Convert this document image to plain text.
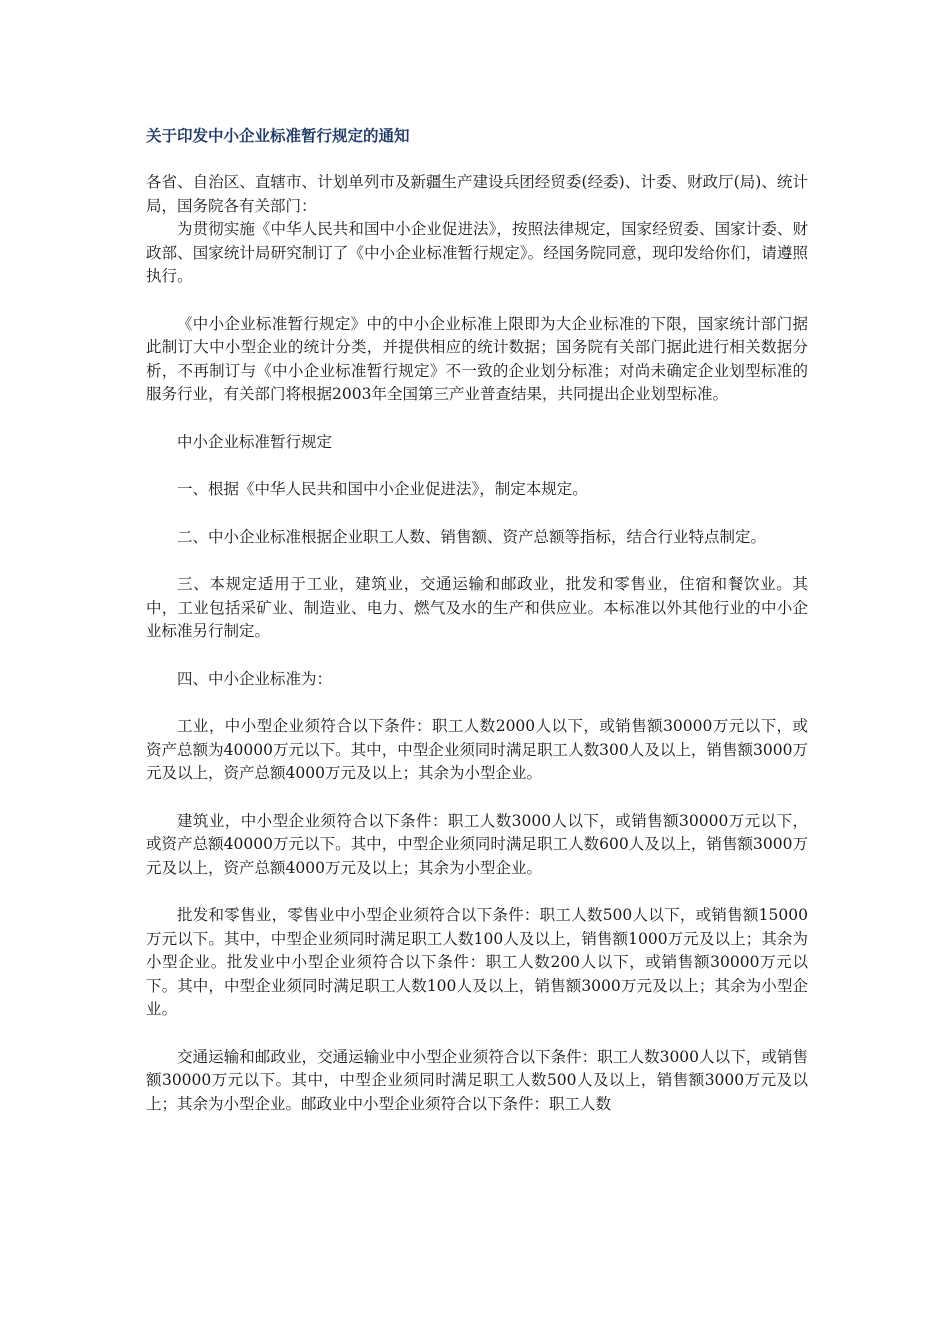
关于印发中小企业标准暂行规定的通知
各省、自治区、直辖市、计划单列市及新疆生产建设兵团经贸委(经委)、计委、财政厅(局)、统计局，国务院各有关部门：
为贯彻实施《中华人民共和国中小企业促进法》，按照法律规定，国家经贸委、国家计委、财政部、国家统计局研究制订了《中小企业标准暂行规定》。经国务院同意，现印发给你们，请遵照执行。
《中小企业标准暂行规定》中的中小企业标准上限即为大企业标准的下限，国家统计部门据此制订大中小型企业的统计分类，并提供相应的统计数据；国务院有关部门据此进行相关数据分析，不再制订与《中小企业标准暂行规定》不一致的企业划分标准；对尚未确定企业划型标准的服务行业，有关部门将根据2003年全国第三产业普查结果，共同提出企业划型标准。
中小企业标准暂行规定
一、根据《中华人民共和国中小企业促进法》，制定本规定。
二、中小企业标准根据企业职工人数、销售额、资产总额等指标，结合行业特点制定。
三、本规定适用于工业，建筑业，交通运输和邮政业，批发和零售业，住宿和餐饮业。其中，工业包括采矿业、制造业、电力、燃气及水的生产和供应业。本标准以外其他行业的中小企业标准另行制定。
四、中小企业标准为：
工业，中小型企业须符合以下条件：职工人数2000人以下，或销售额30000万元以下，或资产总额为40000万元以下。其中，中型企业须同时满足职工人数300人及以上，销售额3000万元及以上，资产总额4000万元及以上；其余为小型企业。
建筑业，中小型企业须符合以下条件：职工人数3000人以下，或销售额30000万元以下，或资产总额40000万元以下。其中，中型企业须同时满足职工人数600人及以上，销售额3000万元及以上，资产总额4000万元及以上；其余为小型企业。
批发和零售业，零售业中小型企业须符合以下条件：职工人数500人以下，或销售额15000万元以下。其中，中型企业须同时满足职工人数100人及以上，销售额1000万元及以上；其余为小型企业。批发业中小型企业须符合以下条件：职工人数200人以下，或销售额30000万元以下。其中，中型企业须同时满足职工人数100人及以上，销售额3000万元及以上；其余为小型企业。
交通运输和邮政业，交通运输业中小型企业须符合以下条件：职工人数3000人以下，或销售额30000万元以下。其中，中型企业须同时满足职工人数500人及以上，销售额3000万元及以上；其余为小型企业。邮政业中小型企业须符合以下条件：职工人数
